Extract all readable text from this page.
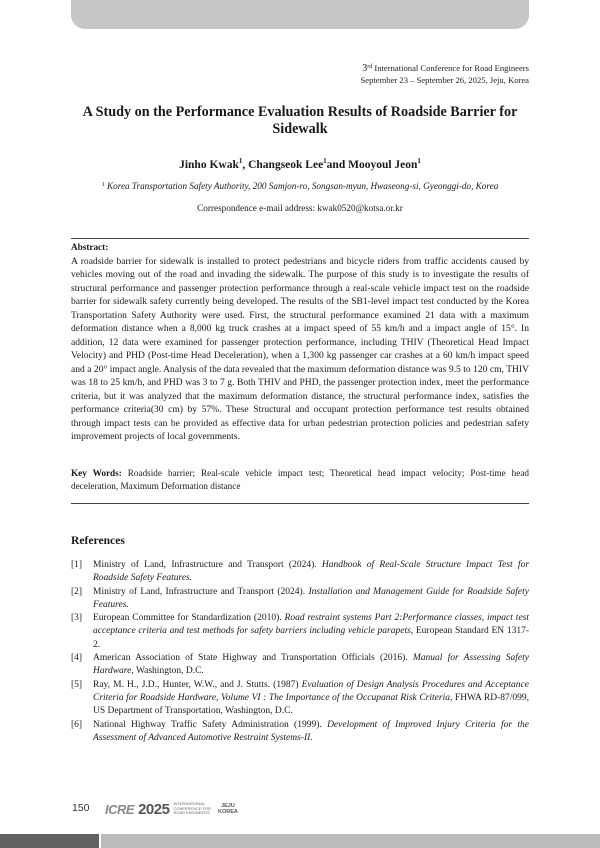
3rd International Conference for Road Engineers
September 23 – September 26, 2025, Jeju, Korea
A Study on the Performance Evaluation Results of Roadside Barrier for Sidewalk
Jinho Kwak$^1$, Changseok Lee$^1$and Mooyoul Jeon$^1$
$^1$ Korea Transportation Safety Authority, 200 Samjon-ro, Songsan-myun, Hwaseong-si, Gyeonggi-do, Korea
Correspondence e-mail address: kwak0520@kotsa.or.kr
Abstract:
A roadside barrier for sidewalk is installed to protect pedestrians and bicycle riders from traffic accidents caused by vehicles moving out of the road and invading the sidewalk. The purpose of this study is to investigate the results of structural performance and passenger protection performance through a real-scale vehicle impact test on the roadside barrier for sidewalk safety currently being developed. The results of the SB1-level impact test conducted by the Korea Transportation Safety Authority were used. First, the structural performance examined 21 data with a maximum deformation distance when a 8,000 kg truck crashes at a impact speed of 55 km/h and a impact angle of 15°. In addition, 12 data were examined for passenger protection performance, including THIV (Theoretical Head Impact Velocity) and PHD (Post-time Head Deceleration), when a 1,300 kg passenger car crashes at a 60 km/h impact speed and a 20° impact angle. Analysis of the data revealed that the maximum deformation distance was 9.5 to 120 cm, THIV was 18 to 25 km/h, and PHD was 3 to 7 g. Both THIV and PHD, the passenger protection index, meet the performance criteria, but it was analyzed that the maximum deformation distance, the structural performance index, satisfies the performance criteria(30 cm) by 57%. These Structural and occupant protection performance test results obtained through impact tests can be provided as effective data for urban pedestrian protection policies and pedestrian safety improvement projects of local governments.
Key Words: Roadside barrier; Real-scale vehicle impact test; Theoretical head impact velocity; Post-time head deceleration, Maximum Deformation distance
References
[1] Ministry of Land, Infrastructure and Transport (2024). Handbook of Real-Scale Structure Impact Test for Roadside Safety Features.
[2] Ministry of Land, Infrastructure and Transport (2024). Installation and Management Guide for Roadside Safety Features.
[3] European Committee for Standardization (2010). Road restraint systems Part 2:Performance classes, impact test acceptance criteria and test methods for safety barriers including vehicle parapets, European Standard EN 1317-2.
[4] American Association of State Highway and Transportation Officials (2016). Manual for Assessing Safety Hardware, Washington, D.C.
[5] Ray, M. H., J.D., Hunter, W.W., and J. Stutts. (1987) Evaluation of Design Analysis Procedures and Acceptance Criteria for Roadside Hardware, Volume VI : The Importance of the Occupanat Risk Criteria, FHWA RD-87/099, US Department of Transportation, Washington, D.C.
[6] National Highway Traffic Safety Administration (1999). Development of Improved Injury Criteria for the Assessment of Advanced Automotive Restraint Systems-II.
150 ICRE 2025 INTERNATIONAL
CONFERENCE FOR
ROAD ENGINEERS
JEJU
KOREA
